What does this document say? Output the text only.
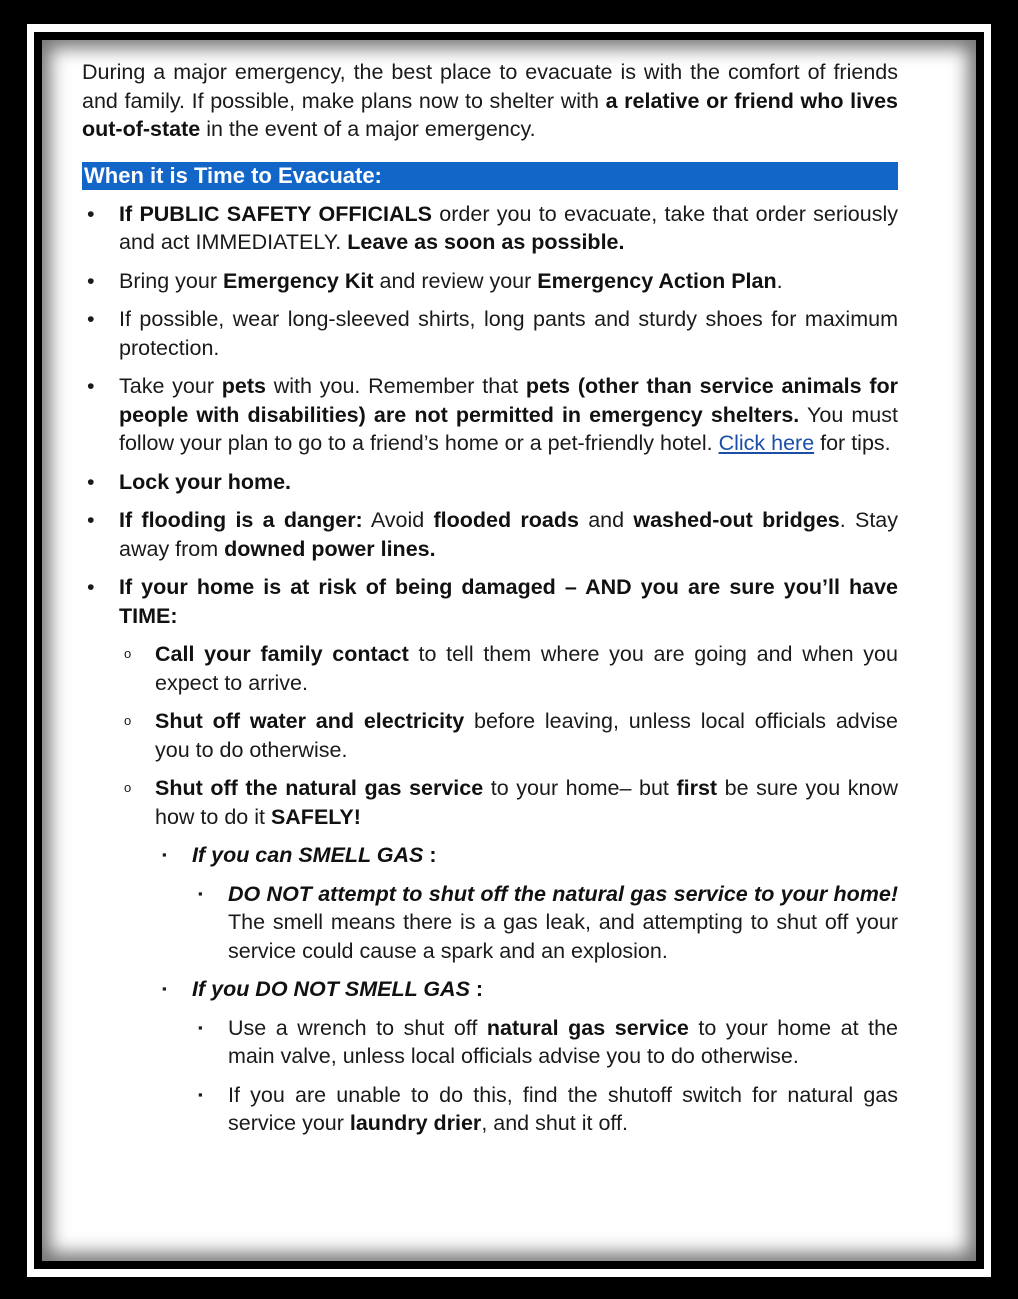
During a major emergency, the best place to evacuate is with the comfort of friends and family. If possible, make plans now to shelter with a relative or friend who lives out-of-state in the event of a major emergency.

When it is Time to Evacuate:
• If PUBLIC SAFETY OFFICIALS order you to evacuate, take that order seriously and act IMMEDIATELY. Leave as soon as possible.
• Bring your Emergency Kit and review your Emergency Action Plan.
• If possible, wear long-sleeved shirts, long pants and sturdy shoes for maximum protection.
• Take your pets with you. Remember that pets (other than service animals for people with disabilities) are not permitted in emergency shelters. You must follow your plan to go to a friend’s home or a pet-friendly hotel. Click here for tips.
• Lock your home.
• If flooding is a danger: Avoid flooded roads and washed-out bridges. Stay away from downed power lines.
• If your home is at risk of being damaged – AND you are sure you’ll have TIME:
o Call your family contact to tell them where you are going and when you expect to arrive.
o Shut off water and electricity before leaving, unless local officials advise you to do otherwise.
o Shut off the natural gas service to your home– but first be sure you know how to do it SAFELY!
▪ If you can SMELL GAS :
▪ DO NOT attempt to shut off the natural gas service to your home! The smell means there is a gas leak, and attempting to shut off your service could cause a spark and an explosion.
▪ If you DO NOT SMELL GAS :
▪ Use a wrench to shut off natural gas service to your home at the main valve, unless local officials advise you to do otherwise.
▪ If you are unable to do this, find the shutoff switch for natural gas service your laundry drier, and shut it off.
